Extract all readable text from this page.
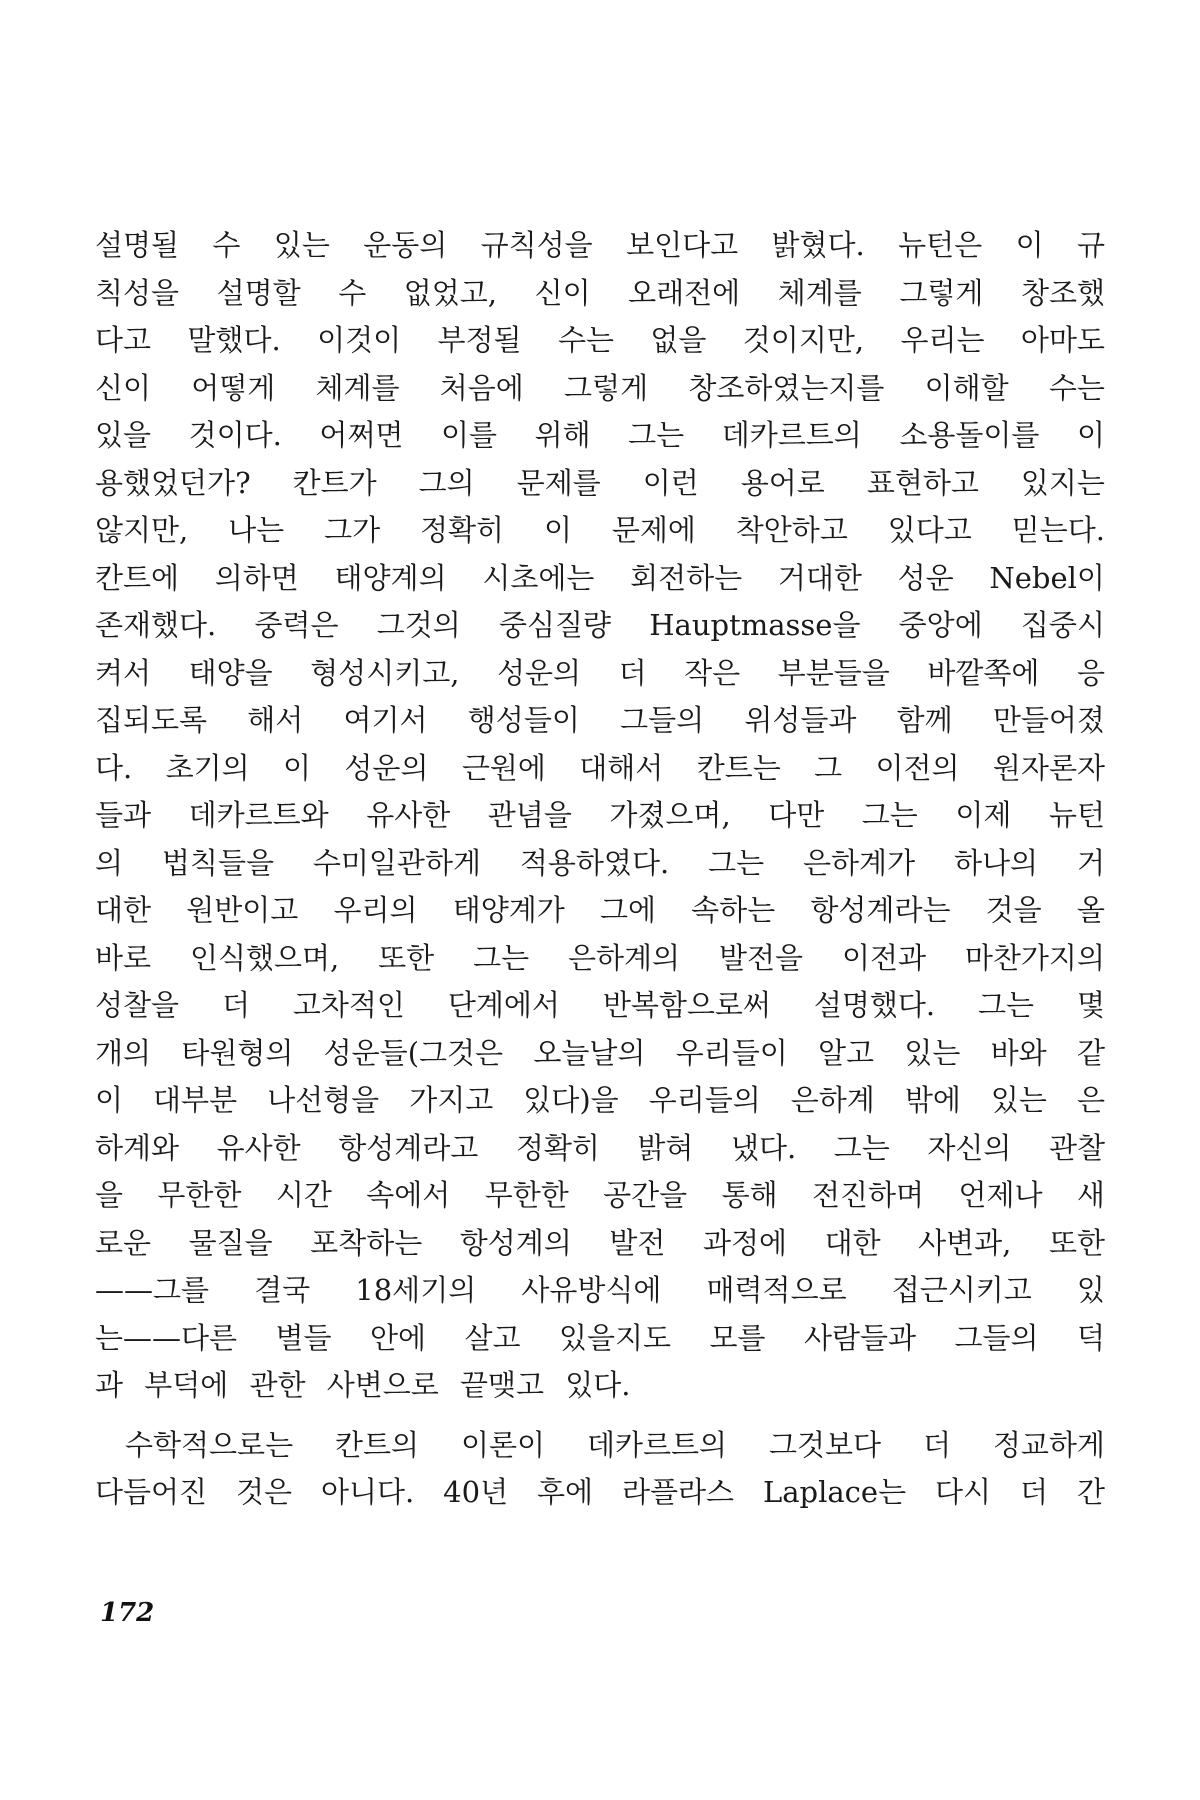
설명될 수 있는 운동의 규칙성을 보인다고 밝혔다. 뉴턴은 이 규
칙성을 설명할 수 없었고, 신이 오래전에 체계를 그렇게 창조했
다고 말했다. 이것이 부정될 수는 없을 것이지만, 우리는 아마도
신이 어떻게 체계를 처음에 그렇게 창조하였는지를 이해할 수는
있을 것이다. 어쩌면 이를 위해 그는 데카르트의 소용돌이를 이
용했었던가? 칸트가 그의 문제를 이런 용어로 표현하고 있지는
않지만, 나는 그가 정확히 이 문제에 착안하고 있다고 믿는다.
칸트에 의하면 태양계의 시초에는 회전하는 거대한 성운 Nebel이
존재했다. 중력은 그것의 중심질량 Hauptmasse을 중앙에 집중시
켜서 태양을 형성시키고, 성운의 더 작은 부분들을 바깥쪽에 응
집되도록 해서 여기서 행성들이 그들의 위성들과 함께 만들어졌
다. 초기의 이 성운의 근원에 대해서 칸트는 그 이전의 원자론자
들과 데카르트와 유사한 관념을 가졌으며, 다만 그는 이제 뉴턴
의 법칙들을 수미일관하게 적용하였다. 그는 은하계가 하나의 거
대한 원반이고 우리의 태양계가 그에 속하는 항성계라는 것을 올
바로 인식했으며, 또한 그는 은하계의 발전을 이전과 마찬가지의
성찰을 더 고차적인 단계에서 반복함으로써 설명했다. 그는 몇
개의 타원형의 성운들(그것은 오늘날의 우리들이 알고 있는 바와 같
이 대부분 나선형을 가지고 있다)을 우리들의 은하계 밖에 있는 은
하계와 유사한 항성계라고 정확히 밝혀 냈다. 그는 자신의 관찰
을 무한한 시간 속에서 무한한 공간을 통해 전진하며 언제나 새
로운 물질을 포착하는 항성계의 발전 과정에 대한 사변과, 또한
——그를 결국 18세기의 사유방식에 매력적으로 접근시키고 있
는——다른 별들 안에 살고 있을지도 모를 사람들과 그들의 덕
과 부덕에 관한 사변으로 끝맺고 있다.
수학적으로는 칸트의 이론이 데카르트의 그것보다 더 정교하게
다듬어진 것은 아니다. 40년 후에 라플라스 Laplace는 다시 더 간
172
